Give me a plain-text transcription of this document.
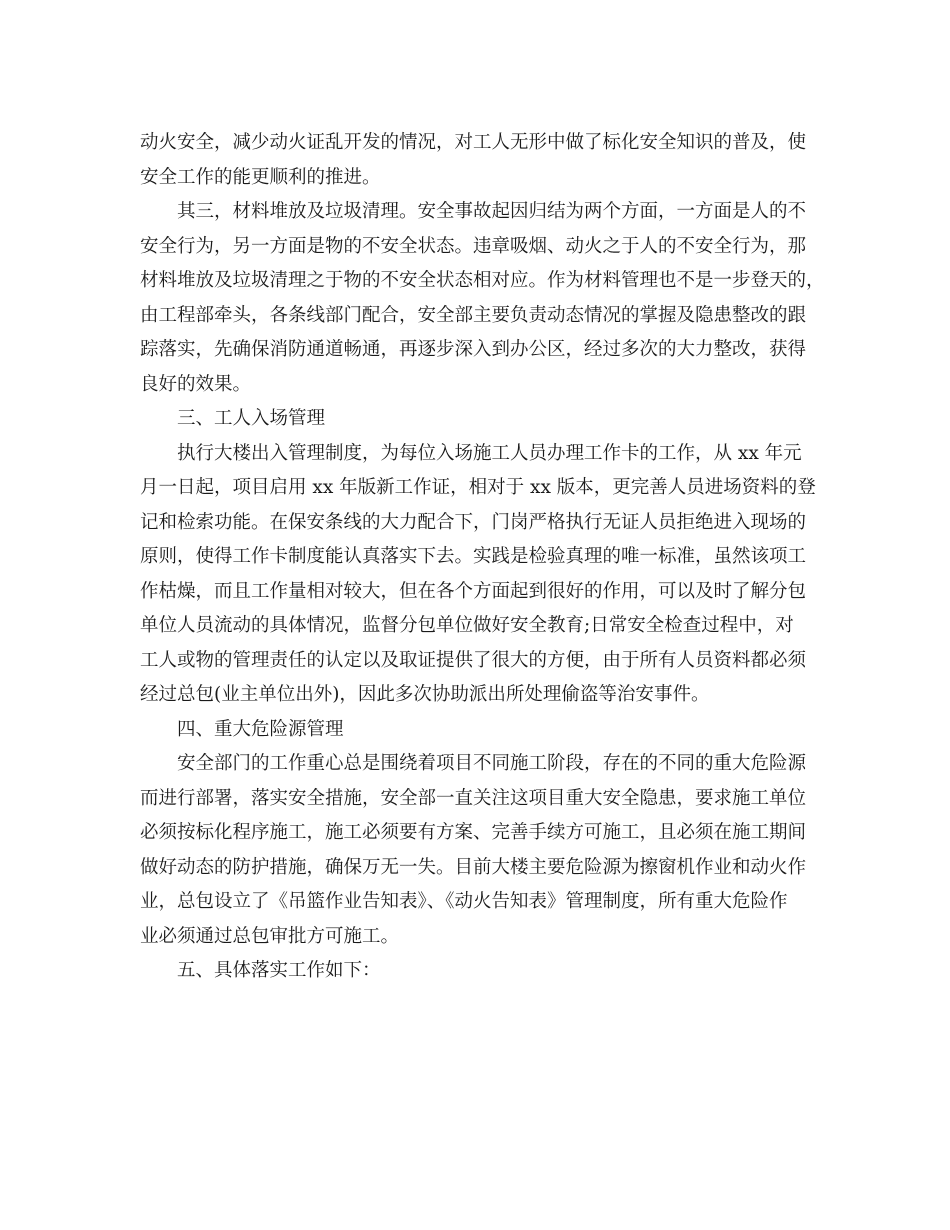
动火安全，减少动火证乱开发的情况，对工人无形中做了标化安全知识的普及，使
安全工作的能更顺利的推进。
其三，材料堆放及垃圾清理。安全事故起因归结为两个方面，一方面是人的不
安全行为，另一方面是物的不安全状态。违章吸烟、动火之于人的不安全行为，那
材料堆放及垃圾清理之于物的不安全状态相对应。作为材料管理也不是一步登天的，
由工程部牵头，各条线部门配合，安全部主要负责动态情况的掌握及隐患整改的跟
踪落实，先确保消防通道畅通，再逐步深入到办公区，经过多次的大力整改，获得
良好的效果。
三、工人入场管理
执行大楼出入管理制度，为每位入场施工人员办理工作卡的工作，从 xx 年元
月一日起，项目启用 xx 年版新工作证，相对于 xx 版本，更完善人员进场资料的登
记和检索功能。在保安条线的大力配合下，门岗严格执行无证人员拒绝进入现场的
原则，使得工作卡制度能认真落实下去。实践是检验真理的唯一标准，虽然该项工
作枯燥，而且工作量相对较大，但在各个方面起到很好的作用，可以及时了解分包
单位人员流动的具体情况，监督分包单位做好安全教育;日常安全检查过程中，对
工人或物的管理责任的认定以及取证提供了很大的方便，由于所有人员资料都必须
经过总包(业主单位出外)，因此多次协助派出所处理偷盗等治安事件。
四、重大危险源管理
安全部门的工作重心总是围绕着项目不同施工阶段，存在的不同的重大危险源
而进行部署，落实安全措施，安全部一直关注这项目重大安全隐患，要求施工单位
必须按标化程序施工，施工必须要有方案、完善手续方可施工，且必须在施工期间
做好动态的防护措施，确保万无一失。目前大楼主要危险源为擦窗机作业和动火作
业，总包设立了《吊篮作业告知表》、《动火告知表》管理制度，所有重大危险作
业必须通过总包审批方可施工。
五、具体落实工作如下：
